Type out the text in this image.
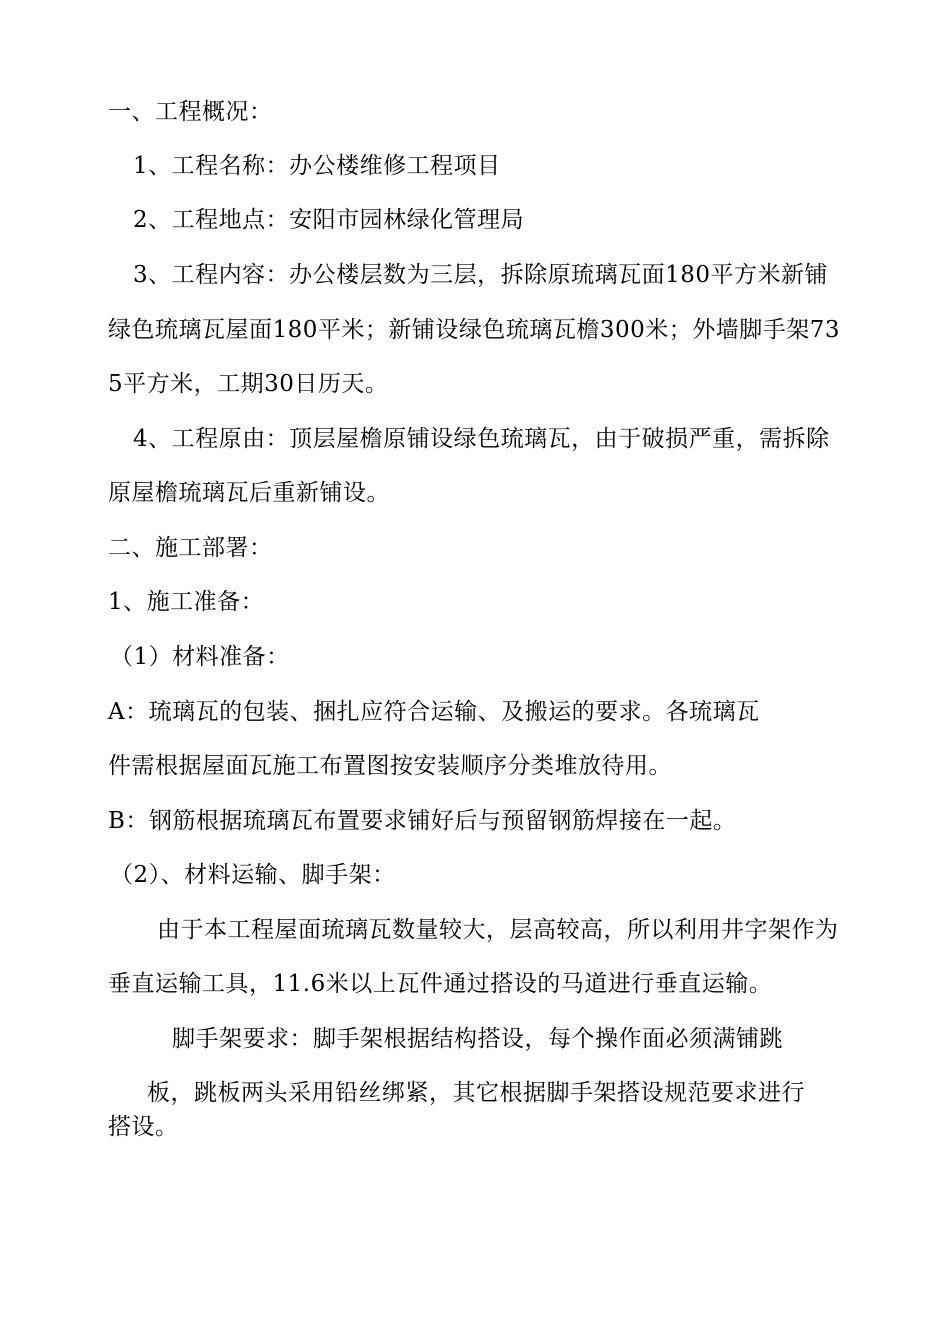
一、工程概况：
1、工程名称：办公楼维修工程项目
2、工程地点：安阳市园林绿化管理局
3、工程内容：办公楼层数为三层，拆除原琉璃瓦面180平方米新铺
绿色琉璃瓦屋面180平米；新铺设绿色琉璃瓦檐300米；外墙脚手架73
5平方米，工期30日历天。
4、工程原由：顶层屋檐原铺设绿色琉璃瓦，由于破损严重，需拆除
原屋檐琉璃瓦后重新铺设。
二、施工部署：
1、施工准备：
（1）材料准备：
A：琉璃瓦的包装、捆扎应符合运输、及搬运的要求。各琉璃瓦
件需根据屋面瓦施工布置图按安装顺序分类堆放待用。
B：钢筋根据琉璃瓦布置要求铺好后与预留钢筋焊接在一起。
（2）、材料运输、脚手架：
由于本工程屋面琉璃瓦数量较大，层高较高，所以利用井字架作为
垂直运输工具，11.6米以上瓦件通过搭设的马道进行垂直运输。
脚手架要求：脚手架根据结构搭设，每个操作面必须满铺跳
板，跳板两头采用铅丝绑紧，其它根据脚手架搭设规范要求进行
搭设。
